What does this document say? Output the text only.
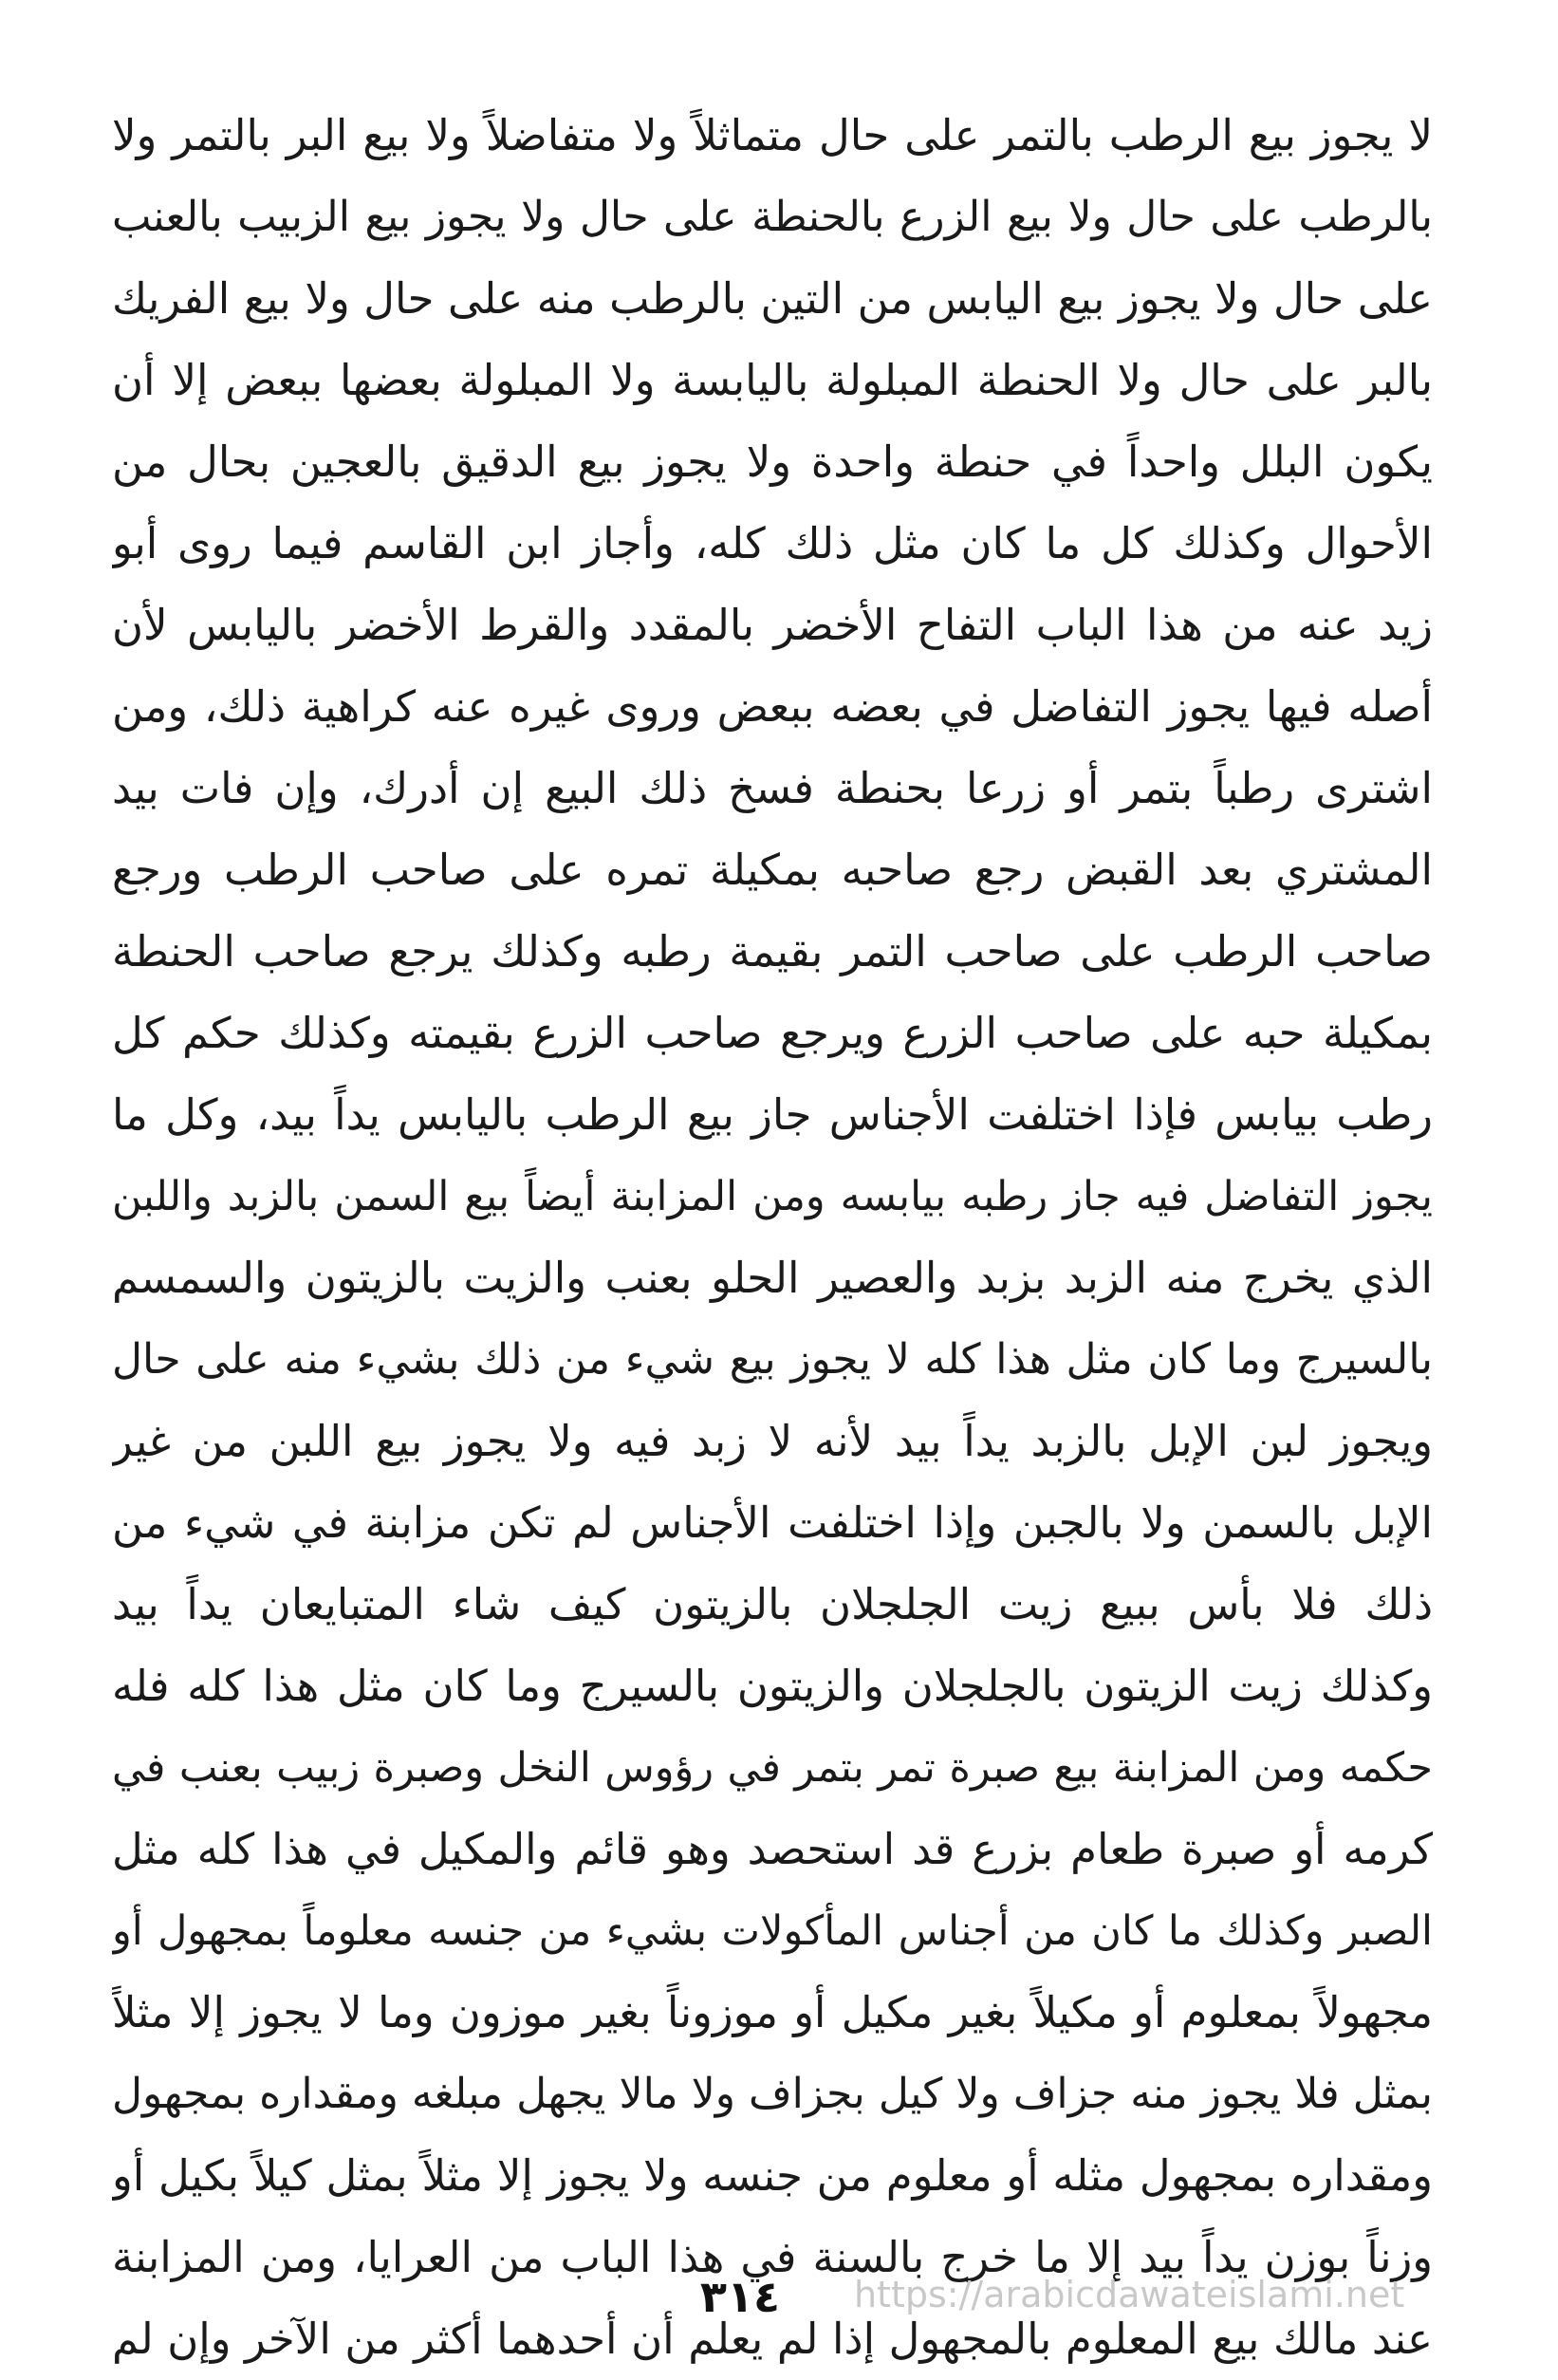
لا يجوز بيع الرطب بالتمر على حال متماثلاً ولا متفاضلاً ولا بيع البر بالتمر ولا
بالرطب على حال ولا بيع الزرع بالحنطة على حال ولا يجوز بيع الزبيب بالعنب
على حال ولا يجوز بيع اليابس من التين بالرطب منه على حال ولا بيع الفريك
بالبر على حال ولا الحنطة المبلولة باليابسة ولا المبلولة بعضها ببعض إلا أن
يكون البلل واحداً في حنطة واحدة ولا يجوز بيع الدقيق بالعجين بحال من
الأحوال وكذلك كل ما كان مثل ذلك كله، وأجاز ابن القاسم فيما روى أبو
زيد عنه من هذا الباب التفاح الأخضر بالمقدد والقرط الأخضر باليابس لأن
أصله فيها يجوز التفاضل في بعضه ببعض وروى غيره عنه كراهية ذلك، ومن
اشترى رطباً بتمر أو زرعا بحنطة فسخ ذلك البيع إن أدرك، وإن فات بيد
المشتري بعد القبض رجع صاحبه بمكيلة تمره على صاحب الرطب ورجع
صاحب الرطب على صاحب التمر بقيمة رطبه وكذلك يرجع صاحب الحنطة
بمكيلة حبه على صاحب الزرع ويرجع صاحب الزرع بقيمته وكذلك حكم كل
رطب بيابس فإذا اختلفت الأجناس جاز بيع الرطب باليابس يداً بيد، وكل ما
يجوز التفاضل فيه جاز رطبه بيابسه ومن المزابنة أيضاً بيع السمن بالزبد واللبن
الذي يخرج منه الزبد بزبد والعصير الحلو بعنب والزيت بالزيتون والسمسم
بالسيرج وما كان مثل هذا كله لا يجوز بيع شيء من ذلك بشيء منه على حال
ويجوز لبن الإبل بالزبد يداً بيد لأنه لا زبد فيه ولا يجوز بيع اللبن من غير
الإبل بالسمن ولا بالجبن وإذا اختلفت الأجناس لم تكن مزابنة في شيء من
ذلك فلا بأس ببيع زيت الجلجلان بالزيتون كيف شاء المتبايعان يداً بيد
وكذلك زيت الزيتون بالجلجلان والزيتون بالسيرج وما كان مثل هذا كله فله
حكمه ومن المزابنة بيع صبرة تمر بتمر في رؤوس النخل وصبرة زبيب بعنب في
كرمه أو صبرة طعام بزرع قد استحصد وهو قائم والمكيل في هذا كله مثل
الصبر وكذلك ما كان من أجناس المأكولات بشيء من جنسه معلوماً بمجهول أو
مجهولاً بمعلوم أو مكيلاً بغير مكيل أو موزوناً بغير موزون وما لا يجوز إلا مثلاً
بمثل فلا يجوز منه جزاف ولا كيل بجزاف ولا مالا يجهل مبلغه ومقداره بمجهول
ومقداره بمجهول مثله أو معلوم من جنسه ولا يجوز إلا مثلاً بمثل كيلاً بكيل أو
وزناً بوزن يداً بيد إلا ما خرج بالسنة في هذا الباب من العرايا، ومن المزابنة
عند مالك بيع المعلوم بالمجهول إذا لم يعلم أن أحدهما أكثر من الآخر وإن لم
٣١٤	https://arabicdawateislami.net
